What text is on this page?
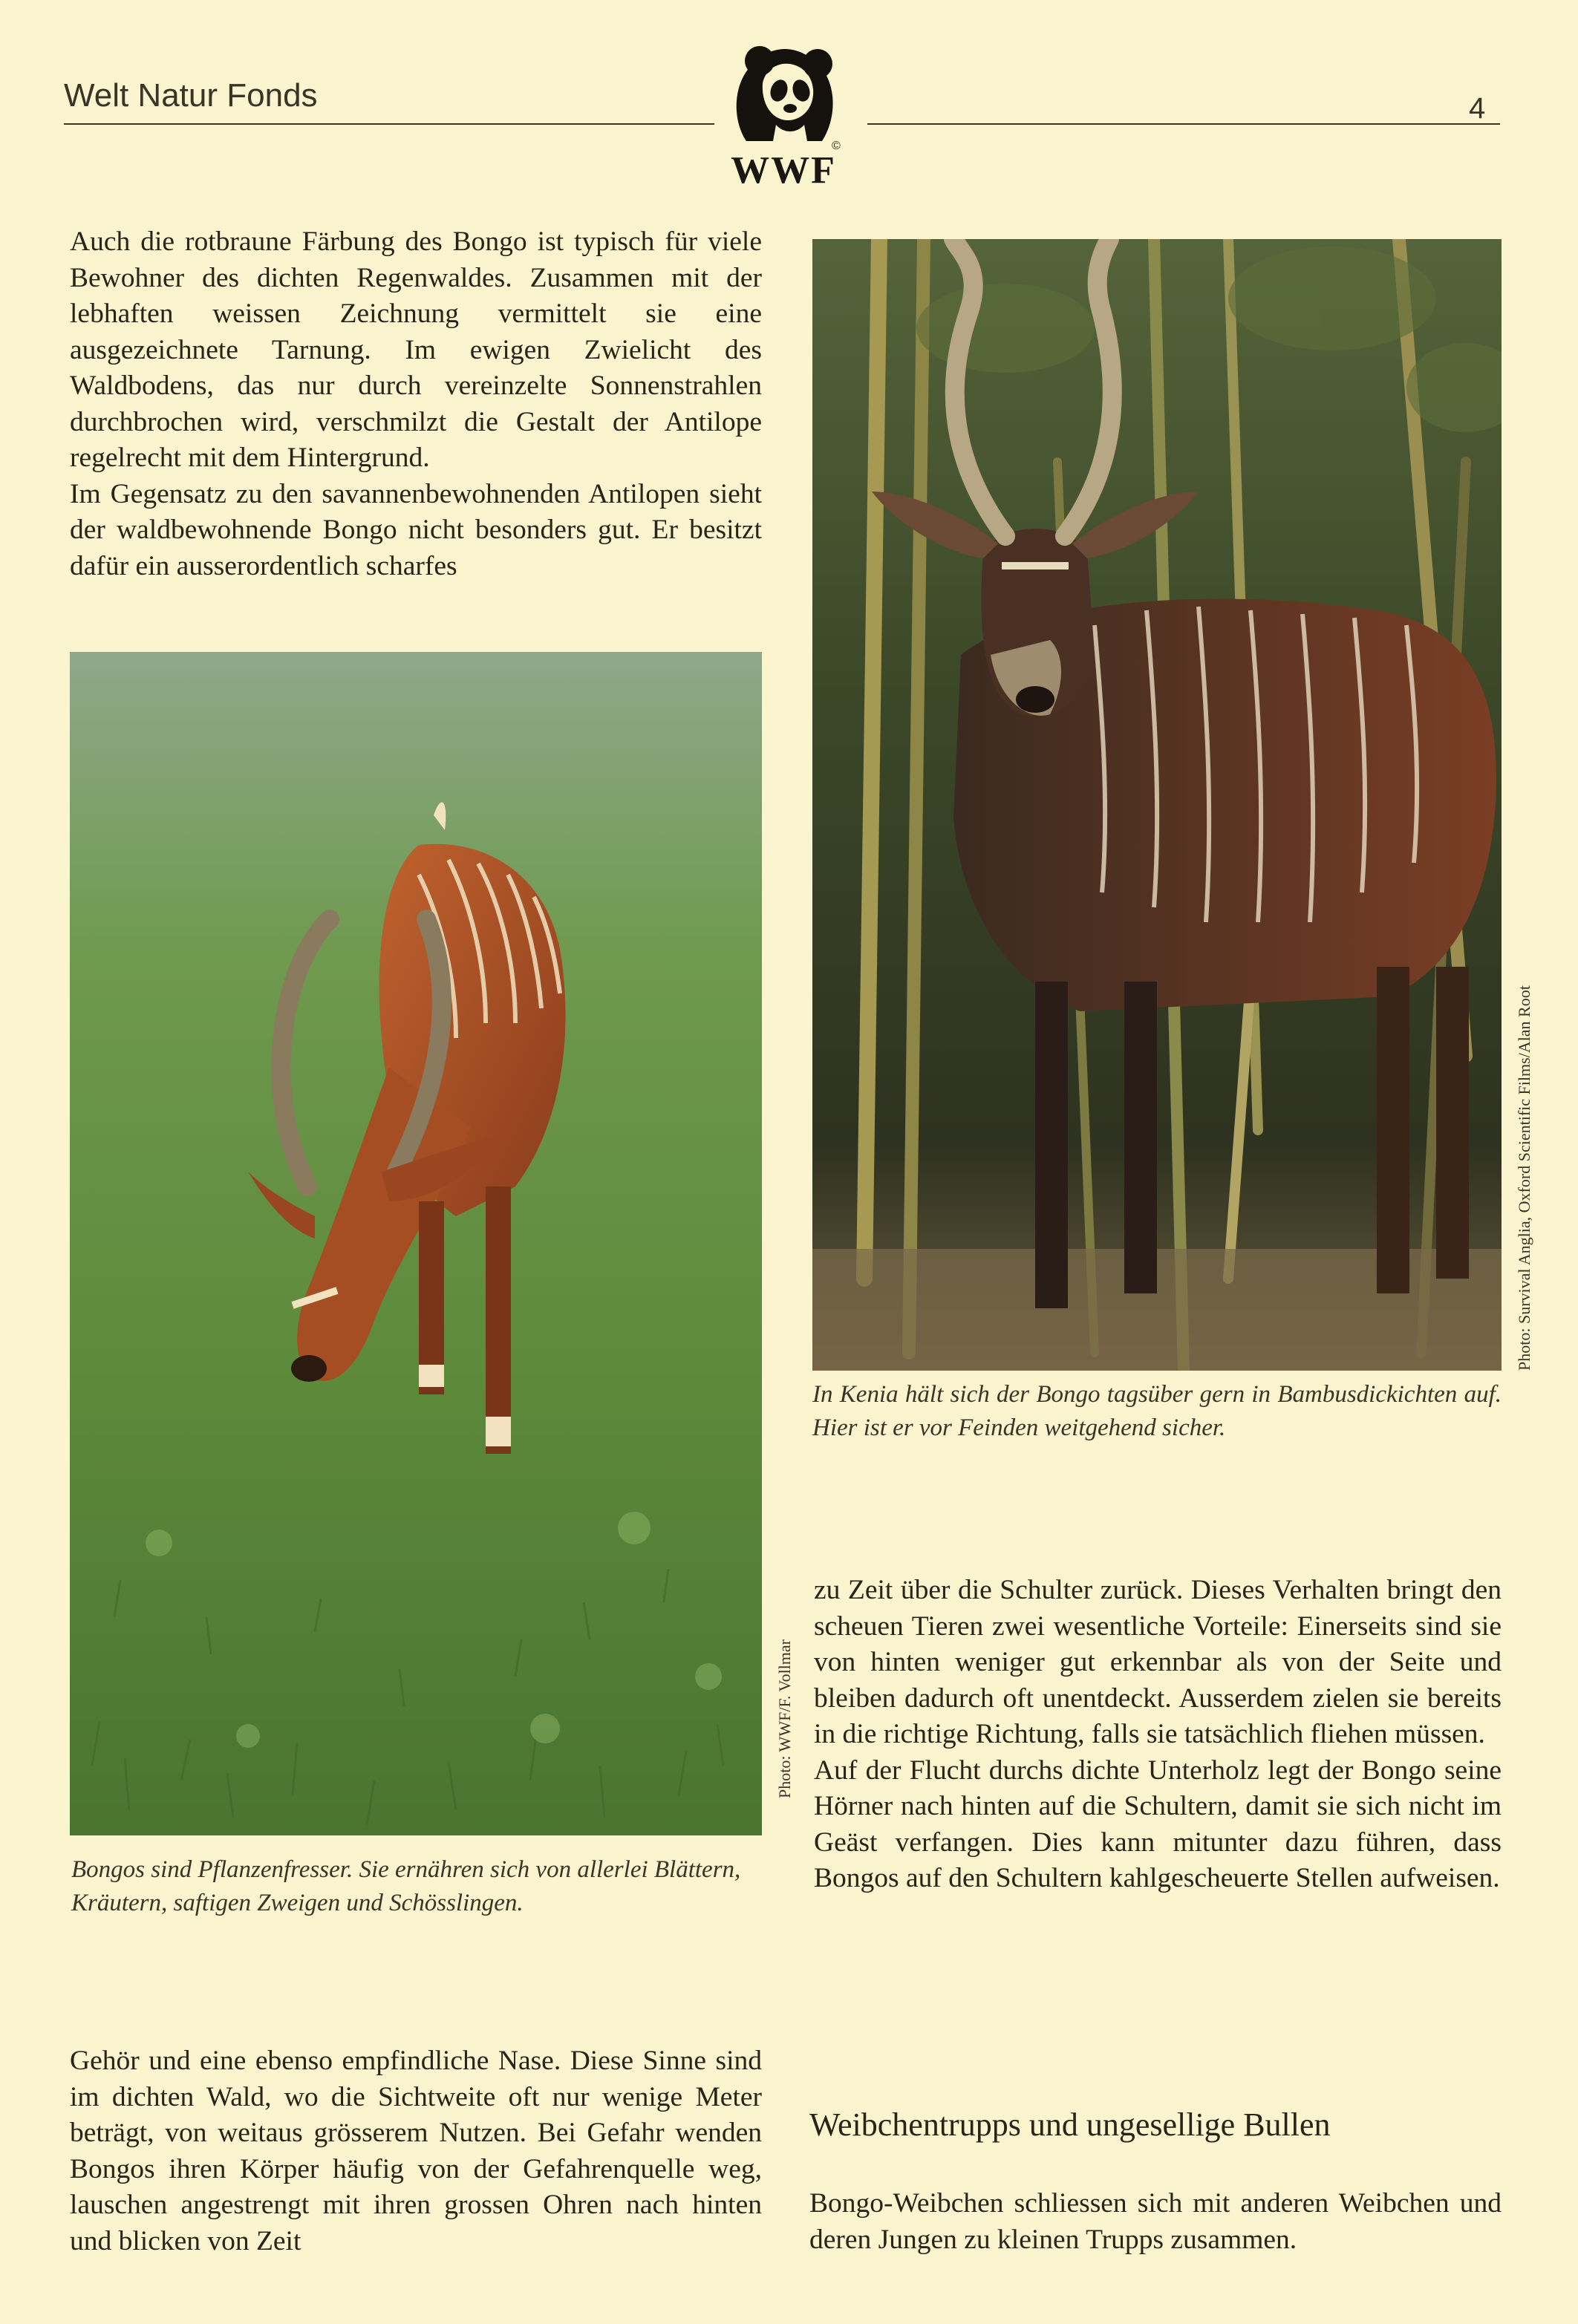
Welt Natur Fonds	4
WWF
©

Auch die rotbraune Färbung des Bongo ist typisch für viele Bewohner des dichten Regenwaldes. Zusammen mit der lebhaften weissen Zeichnung vermittelt sie eine ausgezeichnete Tarnung. Im ewigen Zwielicht des Waldbodens, das nur durch vereinzelte Sonnenstrahlen durchbrochen wird, verschmilzt die Gestalt der Antilope regelrecht mit dem Hintergrund.

Im Gegensatz zu den savannenbewohnenden Antilopen sieht der waldbewohnende Bongo nicht besonders gut. Er besitzt dafür ein ausserordentlich scharfes

Photo: WWF/F. Vollmar
Bongos sind Pflanzenfresser. Sie ernähren sich von allerlei Blättern, Kräutern, saftigen Zweigen und Schösslingen.
Photo: Survival Anglia, Oxford Scientific Films/Alan Root
In Kenia hält sich der Bongo tagsüber gern in Bambusdickichten auf. Hier ist er vor Feinden weitgehend sicher.

zu Zeit über die Schulter zurück. Dieses Verhalten bringt den scheuen Tieren zwei wesentliche Vorteile: Einerseits sind sie von hinten weniger gut erkennbar als von der Seite und bleiben dadurch oft unentdeckt. Ausserdem zielen sie bereits in die richtige Richtung, falls sie tatsächlich fliehen müssen.

Auf der Flucht durchs dichte Unterholz legt der Bongo seine Hörner nach hinten auf die Schultern, damit sie sich nicht im Geäst verfangen. Dies kann mitunter dazu führen, dass Bongos auf den Schultern kahlgescheuerte Stellen aufweisen.

Gehör und eine ebenso empfindliche Nase. Diese Sinne sind im dichten Wald, wo die Sichtweite oft nur wenige Meter beträgt, von weitaus grösserem Nutzen. Bei Gefahr wenden Bongos ihren Körper häufig von der Gefahrenquelle weg, lauschen angestrengt mit ihren grossen Ohren nach hinten und blicken von Zeit

Weibchentrupps und ungesellige Bullen

Bongo-Weibchen schliessen sich mit anderen Weibchen und deren Jungen zu kleinen Trupps zusammen.
